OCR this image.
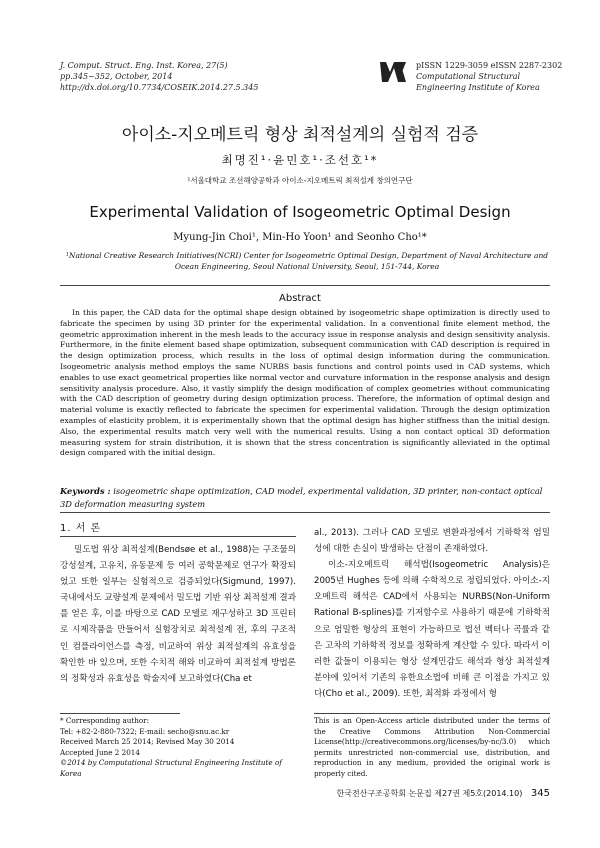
J. Comput. Struct. Eng. Inst. Korea, 27(5)
pp.345~352, October, 2014
http://dx.doi.org/10.7734/COSEIK.2014.27.5.345
pISSN 1229-3059 eISSN 2287-2302
Computational Structural
Engineering Institute of Korea
아이소-지오메트릭 형상 최적설계의 실험적 검증
최명진¹·윤민호¹·조선호¹*
¹서울대학교 조선해양공학과 아이소-지오메트릭 최적설계 창의연구단
Experimental Validation of Isogeometric Optimal Design
Myung-Jin Choi¹, Min-Ho Yoon¹ and Seonho Cho¹*
¹National Creative Research Initiatives(NCRI) Center for Isogeometric Optimal Design, Department of Naval Architecture and Ocean Engineering, Seoul National University, Seoul, 151-744, Korea
Abstract
In this paper, the CAD data for the optimal shape design obtained by isogeometric shape optimization is directly used to fabricate the specimen by using 3D printer for the experimental validation. In a conventional finite element method, the geometric approximation inherent in the mesh leads to the accuracy issue in response analysis and design sensitivity analysis. Furthermore, in the finite element based shape optimization, subsequent communication with CAD description is required in the design optimization process, which results in the loss of optimal design information during the communication. Isogeometric analysis method employs the same NURBS basis functions and control points used in CAD systems, which enables to use exact geometrical properties like normal vector and curvature information in the response analysis and design sensitivity analysis procedure. Also, it vastly simplify the design modification of complex geometries without communicating with the CAD description of geometry during design optimization process. Therefore, the information of optimal design and material volume is exactly reflected to fabricate the specimen for experimental validation. Through the design optimization examples of elasticity problem, it is experimentally shown that the optimal design has higher stiffness than the initial design. Also, the experimental results match very well with the numerical results. Using a non contact optical 3D deformation measuring system for strain distribution, it is shown that the stress concentration is significantly alleviated in the optimal design compared with the initial design.
Keywords : isogeometric shape optimization, CAD model, experimental validation, 3D printer, non-contact optical 3D deformation measuring system
1. 서 론

밀도법 위상 최적설계(Bendsøe et al., 1988)는 구조물의 강성설계, 고유치, 유동문제 등 여러 공학문제로 연구가 확장되었고 또한 일부는 실험적으로 검증되었다(Sigmund, 1997). 국내에서도 교량설계 문제에서 밀도법 기반 위상 최적설계 결과를 얻은 후, 이를 바탕으로 CAD 모델로 재구성하고 3D 프린터로 시제작품을 만들어서 실험장치로 최적설계 전, 후의 구조적인 컴플라이언스를 측정, 비교하여 위상 최적설계의 유효성을 확인한 바 있으며, 또한 수치적 해와 비교하여 최적설계 방법론의 정확성과 유효성을 학술지에 보고하였다(Cha et

al., 2013). 그러나 CAD 모델로 변환과정에서 기하학적 엄밀성에 대한 손실이 발생하는 단점이 존재하였다.

이소-지오메트릭 해석법(Isogeometric Analysis)은 2005년 Hughes 등에 의해 수학적으로 정립되었다. 아이소-지오메트릭 해석은 CAD에서 사용되는 NURBS(Non-Uniform Rational B-splines)를 기저함수로 사용하기 때문에 기하학적으로 엄밀한 형상의 표현이 가능하므로 법선 벡터나 곡률과 같은 고차의 기하학적 정보를 정확하게 계산할 수 있다. 따라서 이러한 값들이 이용되는 형상 설계민감도 해석과 형상 최적설계 분야에 있어서 기존의 유한요소법에 비해 큰 이점을 가지고 있다(Cho et al., 2009). 또한, 최적화 과정에서 형

* Corresponding author:
Tel: +82-2-880-7322; E-mail: secho@snu.ac.kr
Received March 25 2014; Revised May 30 2014
Accepted June 2 2014
©2014 by Computational Structural Engineering Institute of Korea
This is an Open-Access article distributed under the terms of the Creative Commons Attribution Non-Commercial License(http://creativecommons.org/licenses/by-nc/3.0) which permits unrestricted non-commercial use, distribution, and reproduction in any medium, provided the original work is properly cited.
한국전산구조공학회 논문집 제27권 제5호(2014.10) 345
